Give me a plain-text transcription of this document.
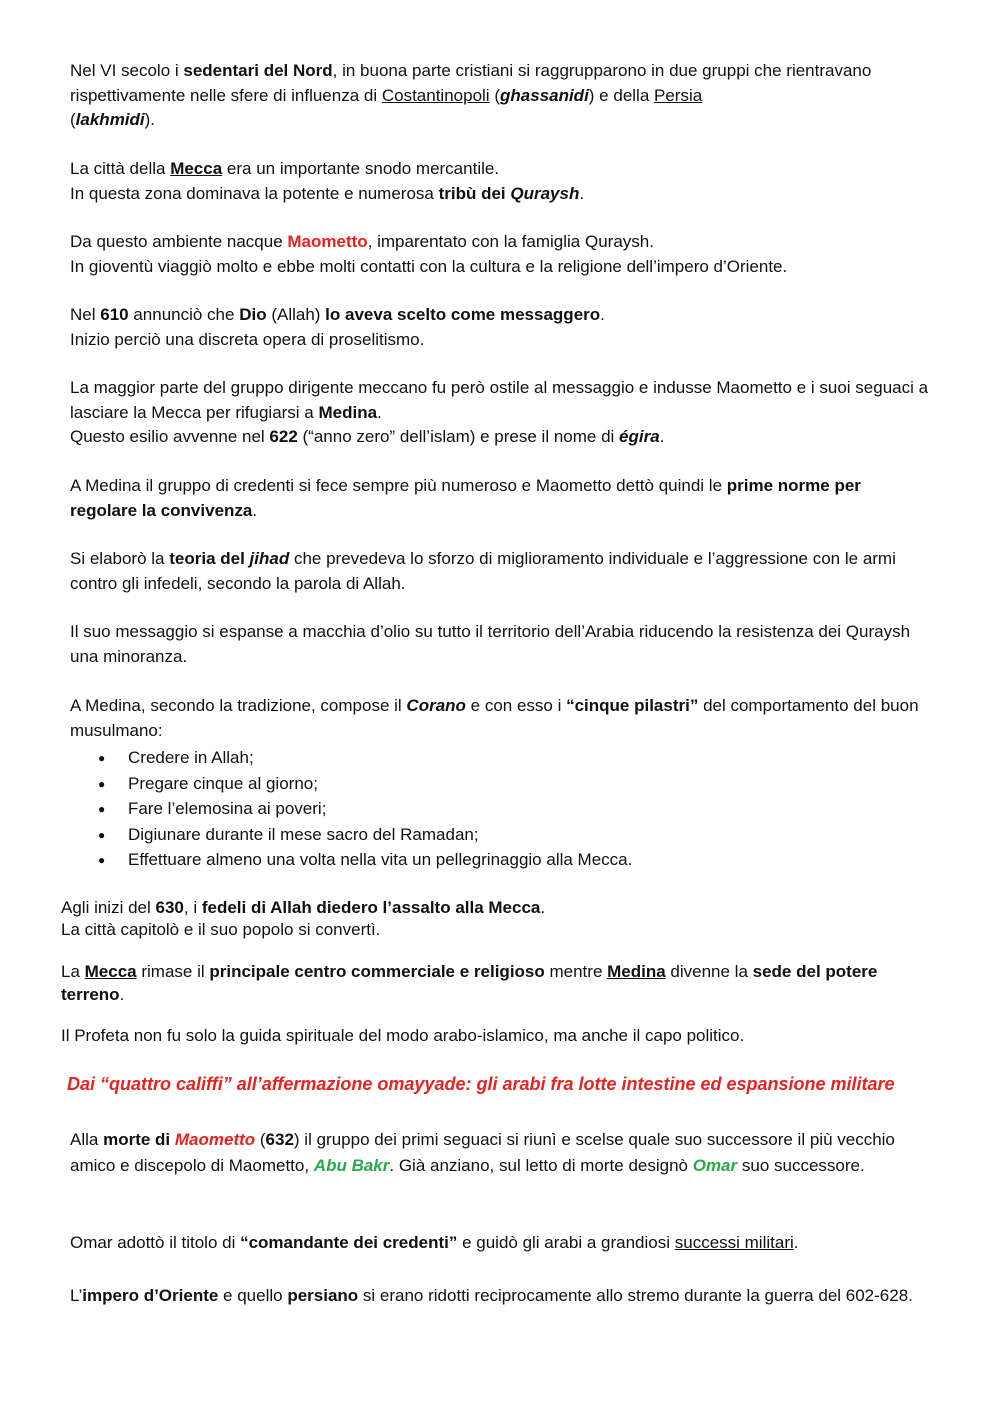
Nel VI secolo i sedentari del Nord, in buona parte cristiani si raggrupparono in due gruppi che rientravano rispettivamente nelle sfere di influenza di Costantinopoli (ghassanidi) e della Persia
(lakhmidi).

La città della Mecca era un importante snodo mercantile.
In questa zona dominava la potente e numerosa tribù dei Quraysh.

Da questo ambiente nacque Maometto, imparentato con la famiglia Quraysh.
In gioventù viaggiò molto e ebbe molti contatti con la cultura e la religione dell’impero d’Oriente.

Nel 610 annunciò che Dio (Allah) lo aveva scelto come messaggero.
Inizio perciò una discreta opera di proselitismo.

La maggior parte del gruppo dirigente meccano fu però ostile al messaggio e indusse Maometto e i suoi seguaci a lasciare la Mecca per rifugiarsi a Medina.
Questo esilio avvenne nel 622 (“anno zero” dell’islam) e prese il nome di égira.

A Medina il gruppo di credenti si fece sempre più numeroso e Maometto dettò quindi le prime norme per regolare la convivenza.

Si elaborò la teoria del jihad che prevedeva lo sforzo di miglioramento individuale e l’aggressione con le armi contro gli infedeli, secondo la parola di Allah.

Il suo messaggio si espanse a macchia d’olio su tutto il territorio dell’Arabia riducendo la resistenza dei Quraysh una minoranza.

A Medina, secondo la tradizione, compose il Corano e con esso i “cinque pilastri” del comportamento del buon musulmano:

● Credere in Allah;
● Pregare cinque al giorno;
● Fare l’elemosina ai poveri;
● Digiunare durante il mese sacro del Ramadan;
● Effettuare almeno una volta nella vita un pellegrinaggio alla Mecca.

Agli inizi del 630, i fedeli di Allah diedero l’assalto alla Mecca.
La città capitolò e il suo popolo si convertì.

La Mecca rimase il principale centro commerciale e religioso mentre Medina divenne la sede del potere terreno.

Il Profeta non fu solo la guida spirituale del modo arabo-islamico, ma anche il capo politico.

Dai “quattro califfi” all’affermazione omayyade: gli arabi fra lotte intestine ed espansione militare

Alla morte di Maometto (632) il gruppo dei primi seguaci si riunì e scelse quale suo successore il più vecchio amico e discepolo di Maometto, Abu Bakr. Già anziano, sul letto di morte designò Omar suo successore.

Omar adottò il titolo di “comandante dei credenti” e guidò gli arabi a grandiosi successi militari.

L’impero d’Oriente e quello persiano si erano ridotti reciprocamente allo stremo durante la guerra del 602-628.
